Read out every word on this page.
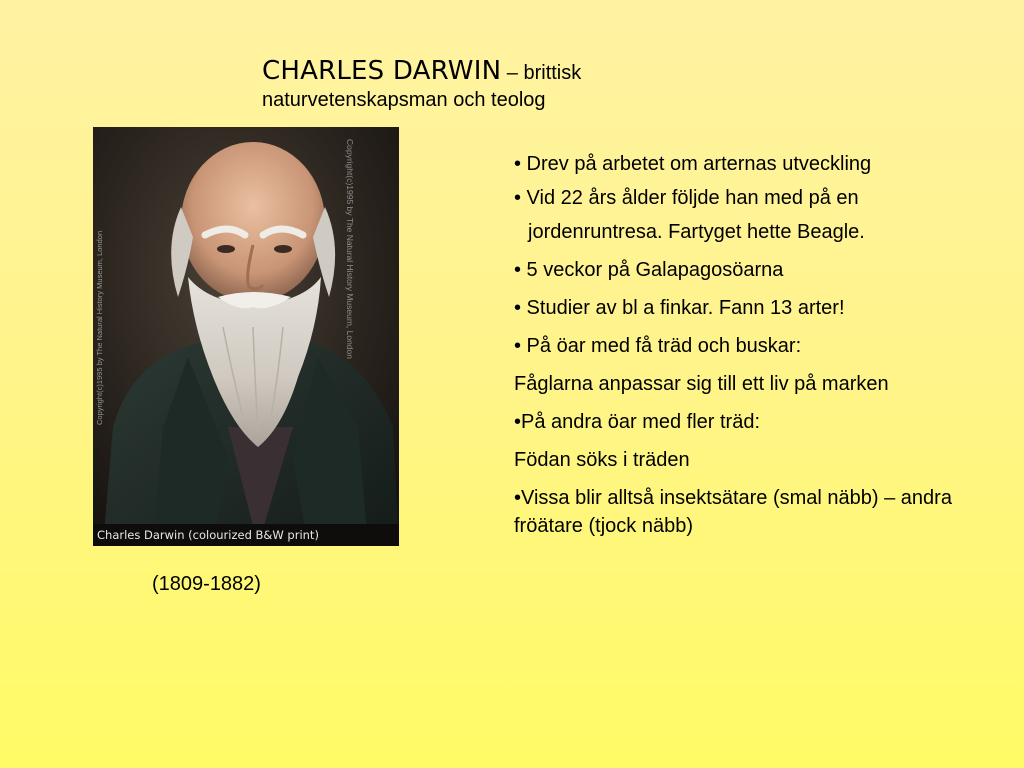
CHARLES DARWIN – brittisk
naturvetenskapsman och teolog
Copyright(c)1995 by The Natural History Museum, London	Copyright(c)1995 by The Natural History Museum, London
Charles Darwin (colourized B&W print)
(1809-1882)
• Drev på arbetet om arternas utveckling
• Vid 22 års ålder följde han med på en
jordenruntresa. Fartyget hette Beagle.
• 5 veckor på Galapagosöarna
• Studier av bl a finkar. Fann 13 arter!
• På öar med få träd och buskar:
Fåglarna anpassar sig till ett liv på marken
•På andra öar med fler träd:
Födan söks i träden
•Vissa blir alltså insektsätare (smal näbb) – andra fröätare (tjock näbb)
